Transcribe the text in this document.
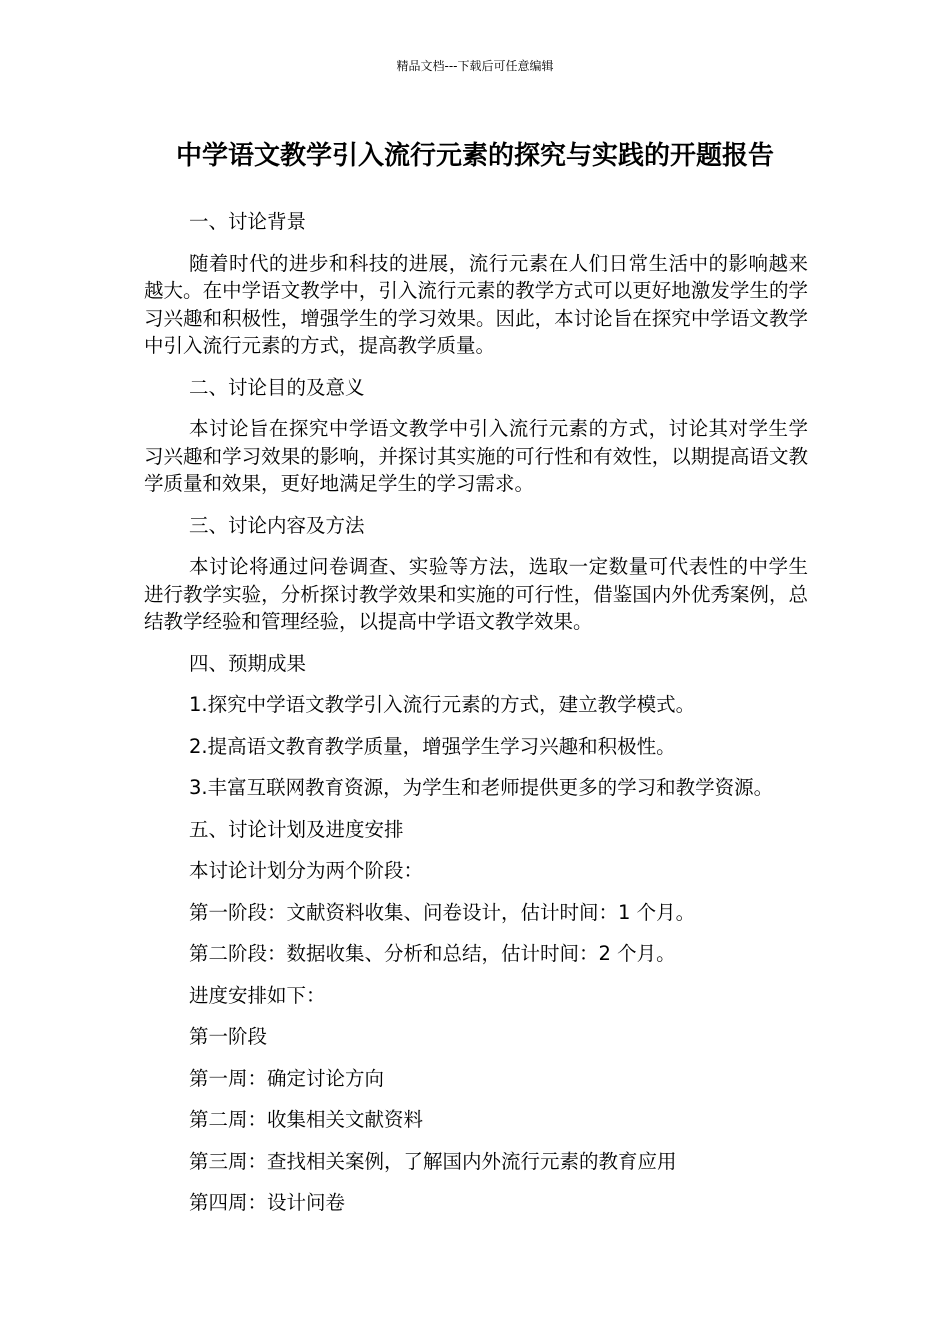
精品文档---下载后可任意编辑
中学语文教学引入流行元素的探究与实践的开题报告

一、讨论背景

随着时代的进步和科技的进展，流行元素在人们日常生活中的影响越来越大。在中学语文教学中，引入流行元素的教学方式可以更好地激发学生的学习兴趣和积极性，增强学生的学习效果。因此，本讨论旨在探究中学语文教学中引入流行元素的方式，提高教学质量。

二、讨论目的及意义

本讨论旨在探究中学语文教学中引入流行元素的方式，讨论其对学生学习兴趣和学习效果的影响，并探讨其实施的可行性和有效性，以期提高语文教学质量和效果，更好地满足学生的学习需求。

三、讨论内容及方法

本讨论将通过问卷调查、实验等方法，选取一定数量可代表性的中学生进行教学实验，分析探讨教学效果和实施的可行性，借鉴国内外优秀案例，总结教学经验和管理经验，以提高中学语文教学效果。

四、预期成果

1.探究中学语文教学引入流行元素的方式，建立教学模式。

2.提高语文教育教学质量，增强学生学习兴趣和积极性。

3.丰富互联网教育资源，为学生和老师提供更多的学习和教学资源。

五、讨论计划及进度安排

本讨论计划分为两个阶段：

第一阶段：文献资料收集、问卷设计，估计时间：1 个月。

第二阶段：数据收集、分析和总结，估计时间：2 个月。

进度安排如下：

第一阶段

第一周：确定讨论方向

第二周：收集相关文献资料

第三周：查找相关案例，了解国内外流行元素的教育应用

第四周：设计问卷
